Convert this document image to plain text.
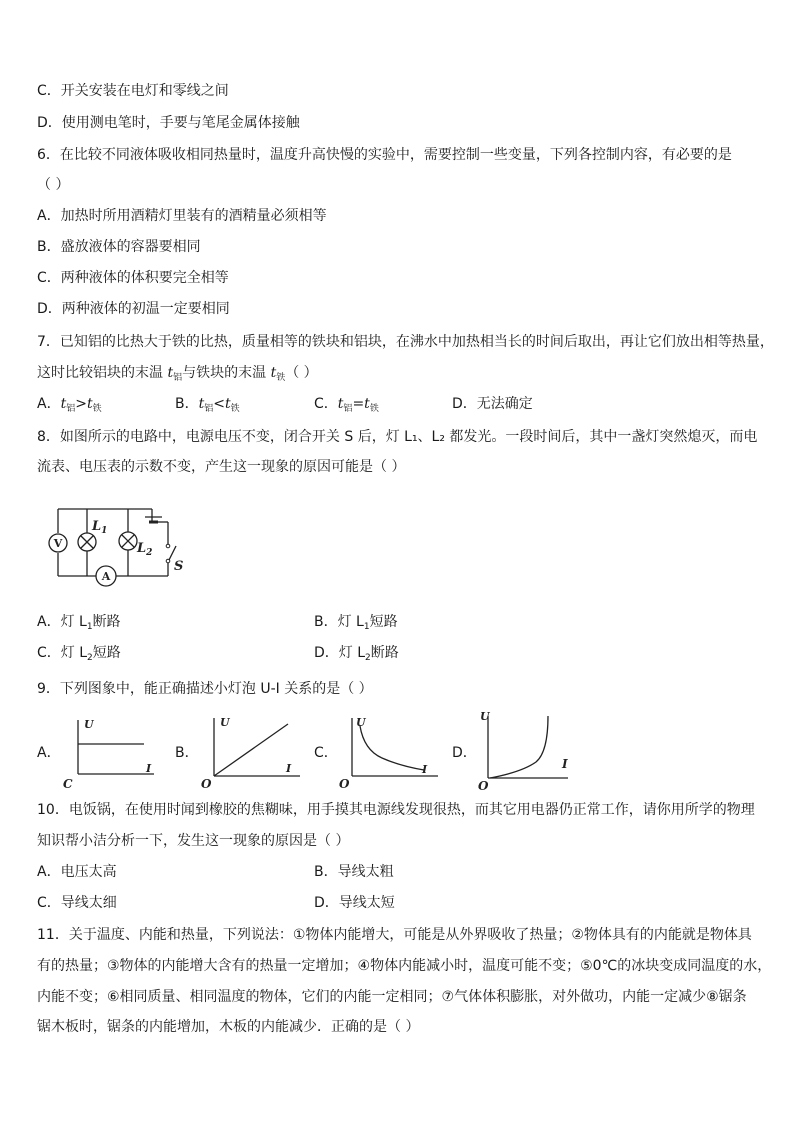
C．开关安装在电灯和零线之间
D．使用测电笔时，手要与笔尾金属体接触
6．在比较不同液体吸收相同热量时，温度升高快慢的实验中，需要控制一些变量，下列各控制内容，有必要的是
（ ）
A．加热时所用酒精灯里装有的酒精量必须相等
B．盛放液体的容器要相同
C．两种液体的体积要完全相等
D．两种液体的初温一定要相同
7．已知铝的比热大于铁的比热，质量相等的铁块和铝块，在沸水中加热相当长的时间后取出，再让它们放出相等热量，
这时比较铝块的末温 $t_铝$与铁块的末温 $t_铁$（ ）
A．$t_铝>t_铁$	B．$t_铝<t_铁$	C．$t_铝=t_铁$	D．无法确定
8．如图所示的电路中，电源电压不变，闭合开关 S 后，灯 L₁、L₂ 都发光。一段时间后，其中一盏灯突然熄灭，而电
流表、电压表的示数不变，产生这一现象的原因可能是（ ）
V
A
$L_1$
$L_2$
S
A．灯 $L_1$断路	B．灯 $L_1$短路
C．灯 $L_2$短路	D．灯 $L_2$断路
9．下列图象中，能正确描述小灯泡 U-I 关系的是（ ）
A．	B．	C．	D．
U
I
C
U
I
O
U
I
O
U
I
O
10．电饭锅，在使用时闻到橡胶的焦糊味，用手摸其电源线发现很热，而其它用电器仍正常工作，请你用所学的物理
知识帮小洁分析一下，发生这一现象的原因是（ ）
A．电压太高	B．导线太粗
C．导线太细	D．导线太短
11．关于温度、内能和热量，下列说法：①物体内能增大，可能是从外界吸收了热量；②物体具有的内能就是物体具
有的热量；③物体的内能增大含有的热量一定增加；④物体内能减小时，温度可能不变；⑤0℃的冰块变成同温度的水，
内能不变；⑥相同质量、相同温度的物体，它们的内能一定相同；⑦气体体积膨胀，对外做功，内能一定减少⑧锯条
锯木板时，锯条的内能增加，木板的内能减少．正确的是（ ）
